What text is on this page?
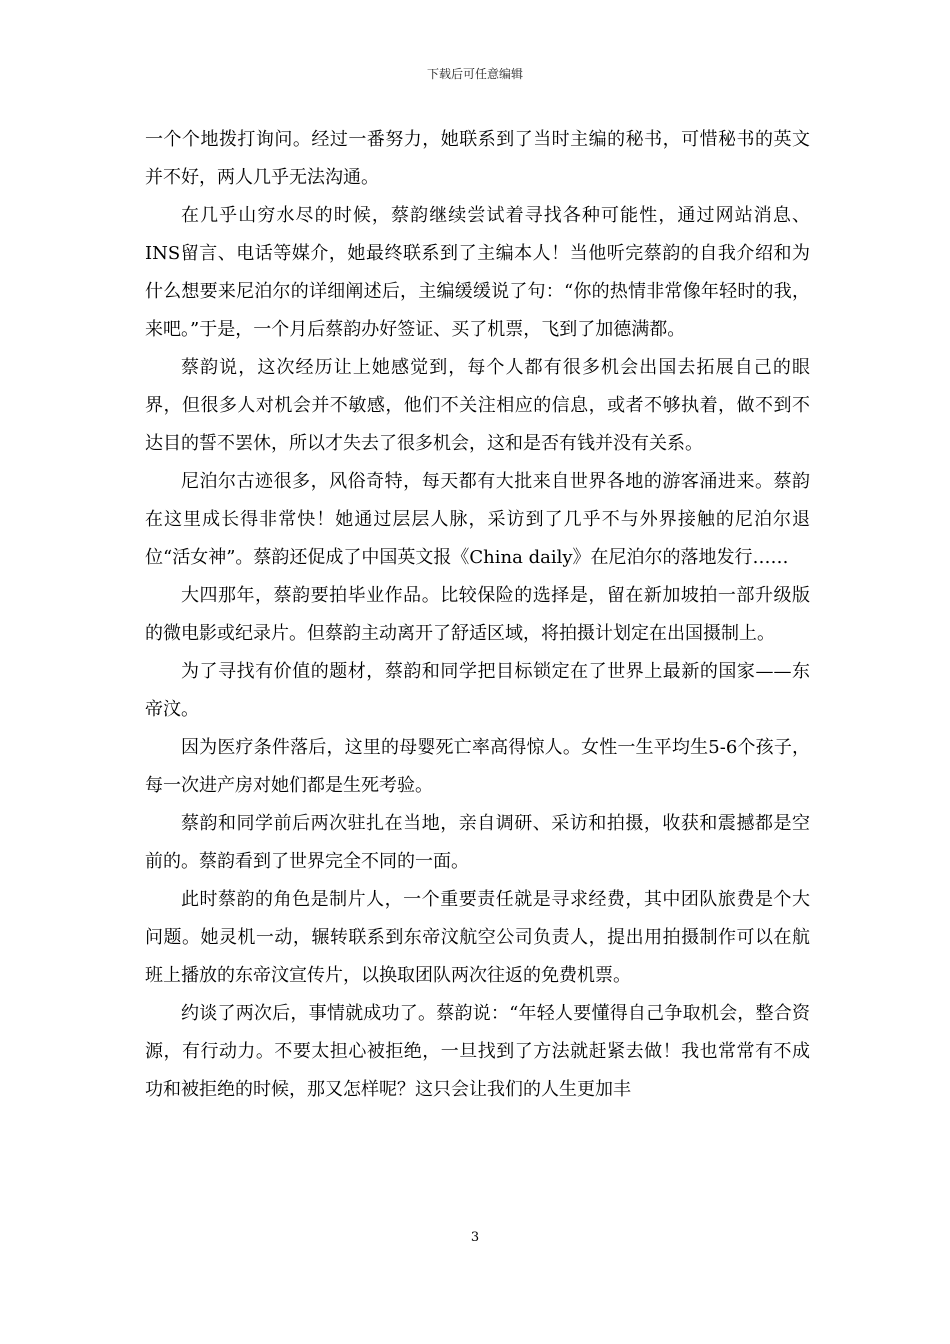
下载后可任意编辑

一个个地拨打询问。经过一番努力，她联系到了当时主编的秘书，可惜秘书的英文并不好，两人几乎无法沟通。

在几乎山穷水尽的时候，蔡韵继续尝试着寻找各种可能性，通过网站消息、INS留言、电话等媒介，她最终联系到了主编本人！当他听完蔡韵的自我介绍和为什么想要来尼泊尔的详细阐述后，主编缓缓说了句：“你的热情非常像年轻时的我，来吧。”于是，一个月后蔡韵办好签证、买了机票，飞到了加德满都。

蔡韵说，这次经历让上她感觉到，每个人都有很多机会出国去拓展自己的眼界，但很多人对机会并不敏感，他们不关注相应的信息，或者不够执着，做不到不达目的誓不罢休，所以才失去了很多机会，这和是否有钱并没有关系。

尼泊尔古迹很多，风俗奇特，每天都有大批来自世界各地的游客涌进来。蔡韵在这里成长得非常快！她通过层层人脉，采访到了几乎不与外界接触的尼泊尔退位“活女神”。蔡韵还促成了中国英文报《China daily》在尼泊尔的落地发行……

大四那年，蔡韵要拍毕业作品。比较保险的选择是，留在新加坡拍一部升级版的微电影或纪录片。但蔡韵主动离开了舒适区域，将拍摄计划定在出国摄制上。

为了寻找有价值的题材，蔡韵和同学把目标锁定在了世界上最新的国家——东帝汶。

因为医疗条件落后，这里的母婴死亡率高得惊人。女性一生平均生5-6个孩子，每一次进产房对她们都是生死考验。

蔡韵和同学前后两次驻扎在当地，亲自调研、采访和拍摄，收获和震撼都是空前的。蔡韵看到了世界完全不同的一面。

此时蔡韵的角色是制片人，一个重要责任就是寻求经费，其中团队旅费是个大问题。她灵机一动，辗转联系到东帝汶航空公司负责人，提出用拍摄制作可以在航班上播放的东帝汶宣传片，以换取团队两次往返的免费机票。

约谈了两次后，事情就成功了。蔡韵说：“年轻人要懂得自己争取机会，整合资源，有行动力。不要太担心被拒绝，一旦找到了方法就赶紧去做！我也常常有不成功和被拒绝的时候，那又怎样呢？这只会让我们的人生更加丰

3
